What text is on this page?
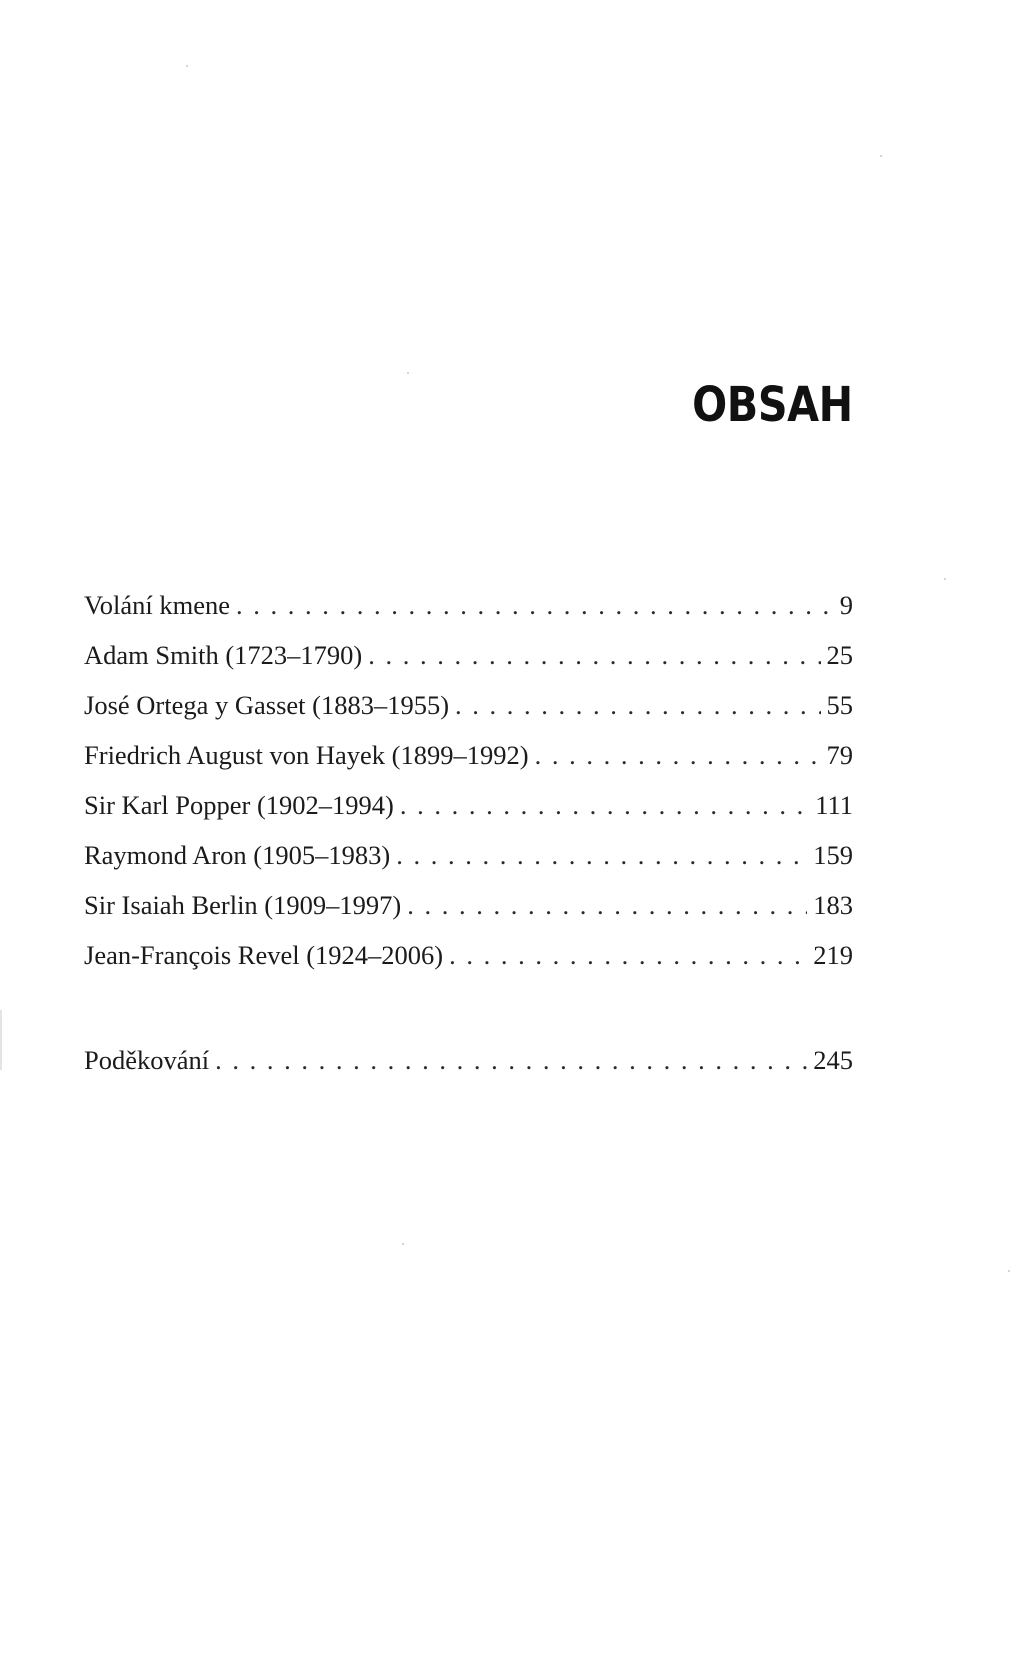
OBSAH
Volání kmene . . .	9
Adam Smith (1723–1790) . . .	25
José Ortega y Gasset (1883–1955) . . .	55
Friedrich August von Hayek (1899–1992) . . .	79
Sir Karl Popper (1902–1994) . . .	111
Raymond Aron (1905–1983) . . .	159
Sir Isaiah Berlin (1909–1997) . . .	183
Jean-François Revel (1924–2006) . . .	219
Poděkování . . .	245
